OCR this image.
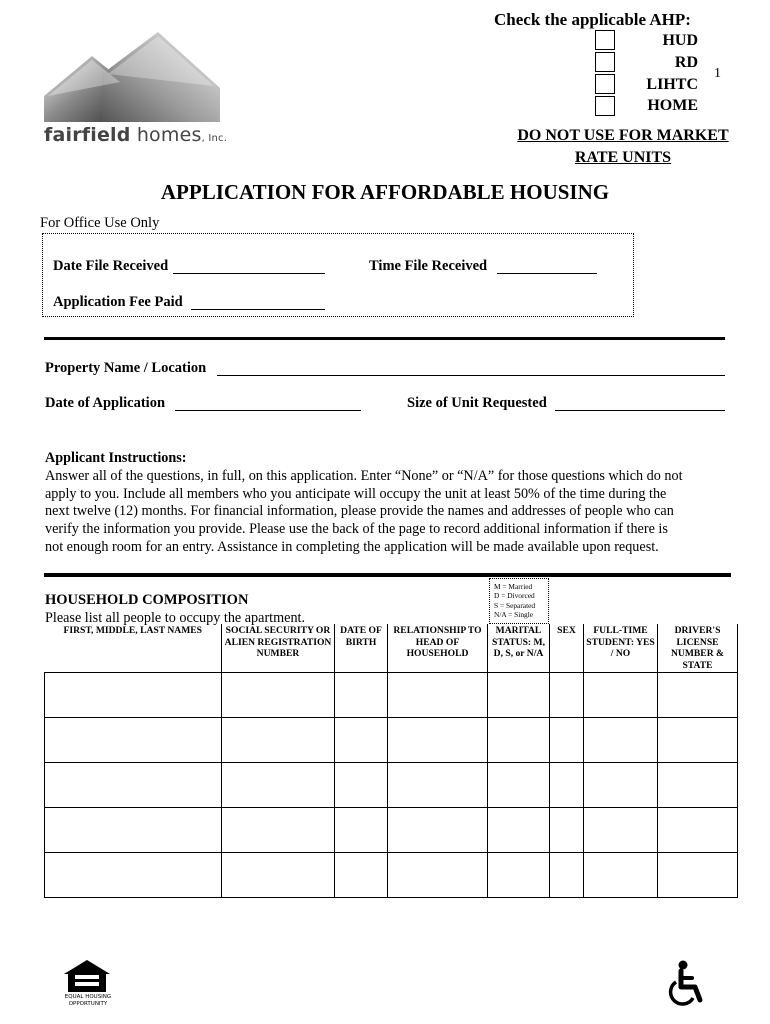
fairfield homes, Inc.
Check the applicable AHP:
HUD
RD
LIHTC
HOME
1
DO NOT USE FOR MARKET
RATE UNITS
APPLICATION FOR AFFORDABLE HOUSING
For Office Use Only
Date File Received	Time File Received
Application Fee Paid
Property Name / Location
Date of Application	Size of Unit Requested
Applicant Instructions:
Answer all of the questions, in full, on this application. Enter “None” or “N/A” for those questions which do not
apply to you. Include all members who you anticipate will occupy the unit at least 50% of the time during the
next twelve (12) months. For financial information, please provide the names and addresses of people who can
verify the information you provide. Please use the back of the page to record additional information if there is
not enough room for an entry. Assistance in completing the application will be made available upon request.
M = Married
D = Divorced
S = Separated
N/A = Single
HOUSEHOLD COMPOSITION
Please list all people to occupy the apartment.
FIRST, MIDDLE, LAST NAMES	SOCIAL SECURITY OR ALIEN REGISTRATION NUMBER	DATE OF BIRTH	RELATIONSHIP TO HEAD OF HOUSEHOLD	MARITAL STATUS: M, D, S, or N/A	SEX	FULL-TIME STUDENT: YES / NO	DRIVER'S LICENSE NUMBER & STATE

EQUAL HOUSING
OPPORTUNITY
